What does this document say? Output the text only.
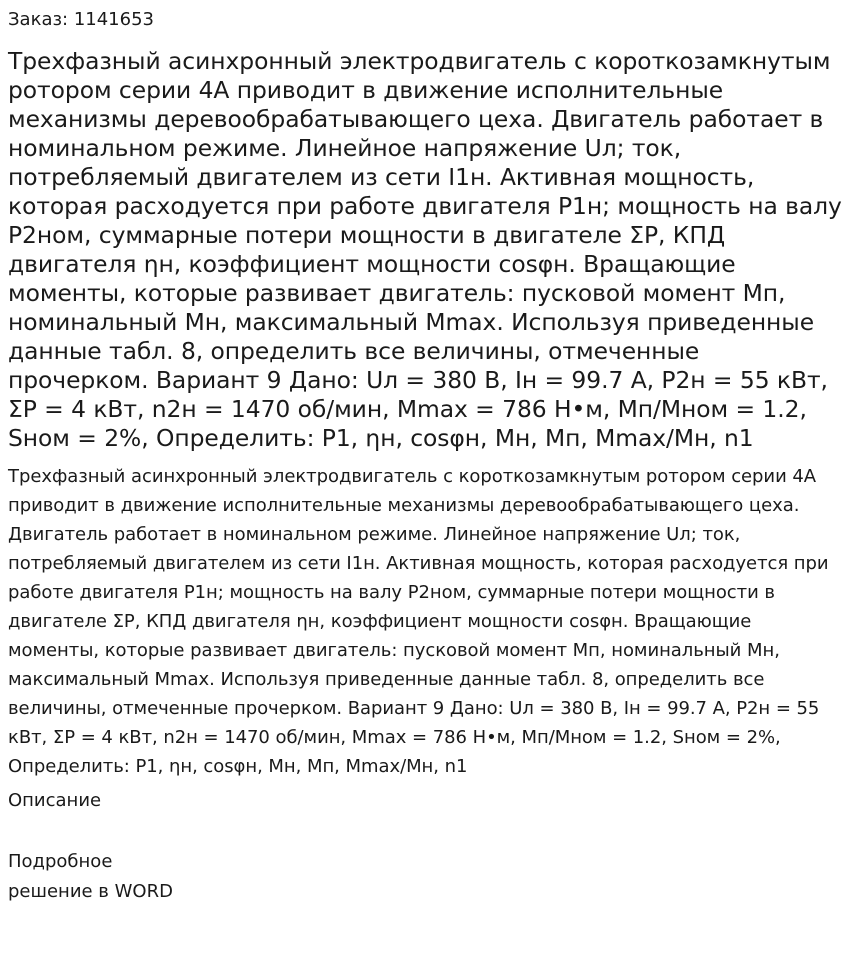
Заказ: 1141653
Трехфазный асинхронный электродвигатель с короткозамкнутым ротором серии 4А приводит в движение исполнительные механизмы деревообрабатывающего цеха. Двигатель работает в номинальном режиме. Линейное напряжение Uл; ток, потребляемый двигателем из сети I1н. Активная мощность, которая расходуется при работе двигателя P1н; мощность на валу P2ном, суммарные потери мощности в двигателе ΣP, КПД двигателя ηн, коэффициент мощности cosφн. Вращающие моменты, которые развивает двигатель: пусковой момент Mп, номинальный Mн, максимальный Mmax. Используя приведенные данные табл. 8, определить все величины, отмеченные прочерком. Вариант 9 Дано: Uл = 380 B, Iн = 99.7 А, P2н = 55 кВт, ΣP = 4 кВт, n2н = 1470 об/мин, Mmax = 786 Н•м, Mп/Mном = 1.2, Sном = 2%, Определить: P1, ηн, cosφн, Mн, Mп, Mmax/Mн, n1

Трехфазный асинхронный электродвигатель с короткозамкнутым ротором серии 4А приводит в движение исполнительные механизмы деревообрабатывающего цеха. Двигатель работает в номинальном режиме. Линейное напряжение Uл; ток, потребляемый двигателем из сети I1н. Активная мощность, которая расходуется при работе двигателя P1н; мощность на валу P2ном, суммарные потери мощности в двигателе ΣP, КПД двигателя ηн, коэффициент мощности cosφн. Вращающие моменты, которые развивает двигатель: пусковой момент Mп, номинальный Mн, максимальный Mmax. Используя приведенные данные табл. 8, определить все величины, отмеченные прочерком. Вариант 9 Дано: Uл = 380 B, Iн = 99.7 А, P2н = 55 кВт, ΣP = 4 кВт, n2н = 1470 об/мин, Mmax = 786 Н•м, Mп/Mном = 1.2, Sном = 2%, Определить: P1, ηн, cosφн, Mн, Mп, Mmax/Mн, n1

Описание
Подробное
решение в WORD
